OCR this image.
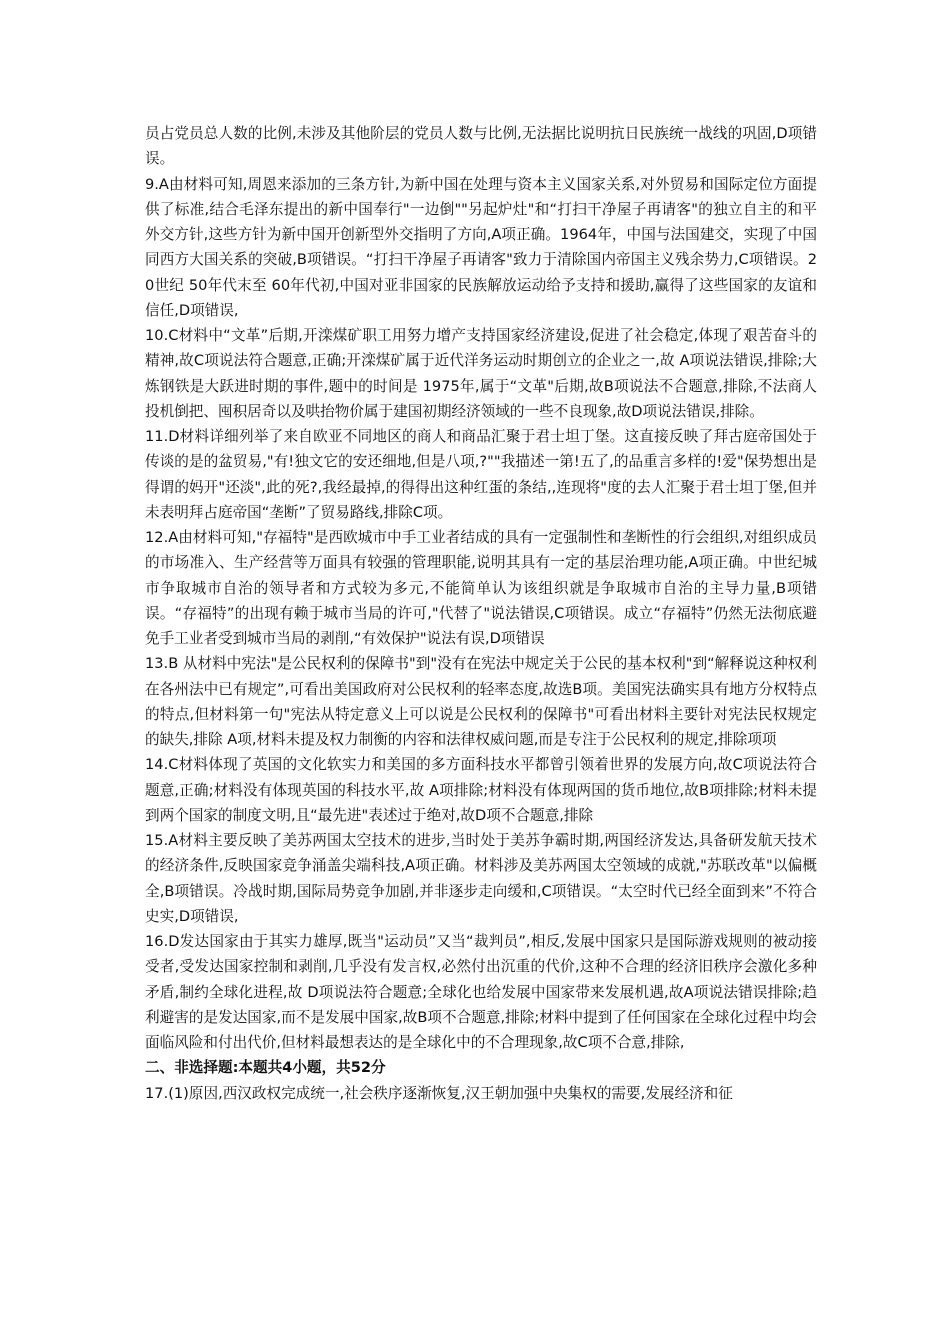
员占党员总人数的比例,未涉及其他阶层的党员人数与比例,无法据比说明抗日民族统一战线的巩固,D项错误。

9.A由材料可知,周恩来添加的三条方针,为新中国在处理与资本主义国家关系,对外贸易和国际定位方面提供了标准,结合毛泽东提出的新中国奉行"一边倒""另起炉灶"和“打扫干净屋子再请客"的独立自主的和平外交方针,这些方针为新中国开创新型外交指明了方向,A项正确。1964年，中国与法国建交，实现了中国同西方大国关系的突破,B项错误。“打扫干净屋子再请客"致力于清除国内帝国主义残余势力,C项错误。20世纪 50年代末至 60年代初,中国对亚非国家的民族解放运动给予支持和援助,赢得了这些国家的友谊和信任,D项错误,

10.C材料中“文革”后期,开滦煤矿职工用努力增产支持国家经济建设,促进了社会稳定,体现了艰苦奋斗的精神,故C项说法符合题意,正确;开滦煤矿属于近代洋务运动时期创立的企业之一,故 A项说法错误,排除;大炼钢铁是大跃进时期的事件,题中的时间是 1975年,属于“文革"后期,故B项说法不合题意,排除,不法商人投机倒把、囤积居奇以及哄抬物价属于建国初期经济领域的一些不良现象,故D项说法错误,排除。

11.D材料详细列举了来自欧亚不同地区的商人和商品汇聚于君士坦丁堡。这直接反映了拜古庭帝国处于传谈的是的盆贸易,"有!独文它的安还细地,但是八项,?""我描述一第!五了,的品重言多样的!爱"保势想出是得谓的妈开"还淡",此的死?,我经最掉,的得得出这种红蛋的条结,,连现将"度的去人汇聚于君士坦丁堡,但并未表明拜占庭帝国“垄断”了贸易路线,排除C项。

12.A由材料可知,"存福特"是西欧城市中手工业者结成的具有一定强制性和垄断性的行会组织,对组织成员的市场准入、生产经营等万面具有较强的管理职能,说明其具有一定的基层治理功能,A项正确。中世纪城市争取城市自治的领导者和方式较为多元,不能简单认为该组织就是争取城市自治的主导力量,B项错误。“存福特”的出现有赖于城市当局的许可,"代替了"说法错误,C项错误。成立“存福特”仍然无法彻底避免手工业者受到城市当局的剥削,“有效保护"说法有误,D项错误

13.B 从材料中宪法"是公民权利的保障书"到"没有在宪法中规定关于公民的基本权利"到“解释说这种权利在各州法中已有规定”,可看出美国政府对公民权利的轻率态度,故选B项。美国宪法确实具有地方分权特点的特点,但材料第一句"宪法从特定意义上可以说是公民权利的保障书"可看出材料主要针对宪法民权规定的缺失,排除 A项,材料未提及权力制衡的内容和法律权威问题,而是专注于公民权利的规定,排除项项

14.C材料体现了英国的文化软实力和美国的多方面科技水平都曾引领着世界的发展方向,故C项说法符合题意,正确;材料没有体现英国的科技水平,故 A项排除;材料没有体现两国的货币地位,故B项排除;材料未提到两个国家的制度文明,且“最先进"表述过于绝对,故D项不合题意,排除

15.A材料主要反映了美苏两国太空技术的进步,当时处于美苏争霸时期,两国经济发达,具备研发航天技术的经济条件,反映国家竞争涌盖尖端科技,A项正确。材料涉及美苏两国太空领域的成就,"苏联改革"以偏概全,B项错误。冷战时期,国际局势竞争加剧,并非逐步走向缓和,C项错误。“太空时代已经全面到来”不符合史实,D项错误,

16.D发达国家由于其实力雄厚,既当"运动员”又当“裁判员”,相反,发展中国家只是国际游戏规则的被动接受者,受发达国家控制和剥削,几乎没有发言权,必然付出沉重的代价,这种不合理的经济旧秩序会激化多种矛盾,制约全球化进程,故 D项说法符合题意;全球化也给发展中国家带来发展机遇,故A项说法错误排除;趋利避害的是发达国家,而不是发展中国家,故B项不合题意,排除;材料中提到了任何国家在全球化过程中均会面临风险和付出代价,但材料最想表达的是全球化中的不合理现象,故C项不合意,排除,

二、非选择题:本题共4小题，共52分

17.(1)原因,西汉政权完成统一,社会秩序逐渐恢复,汉王朝加强中央集权的需要,发展经济和征
